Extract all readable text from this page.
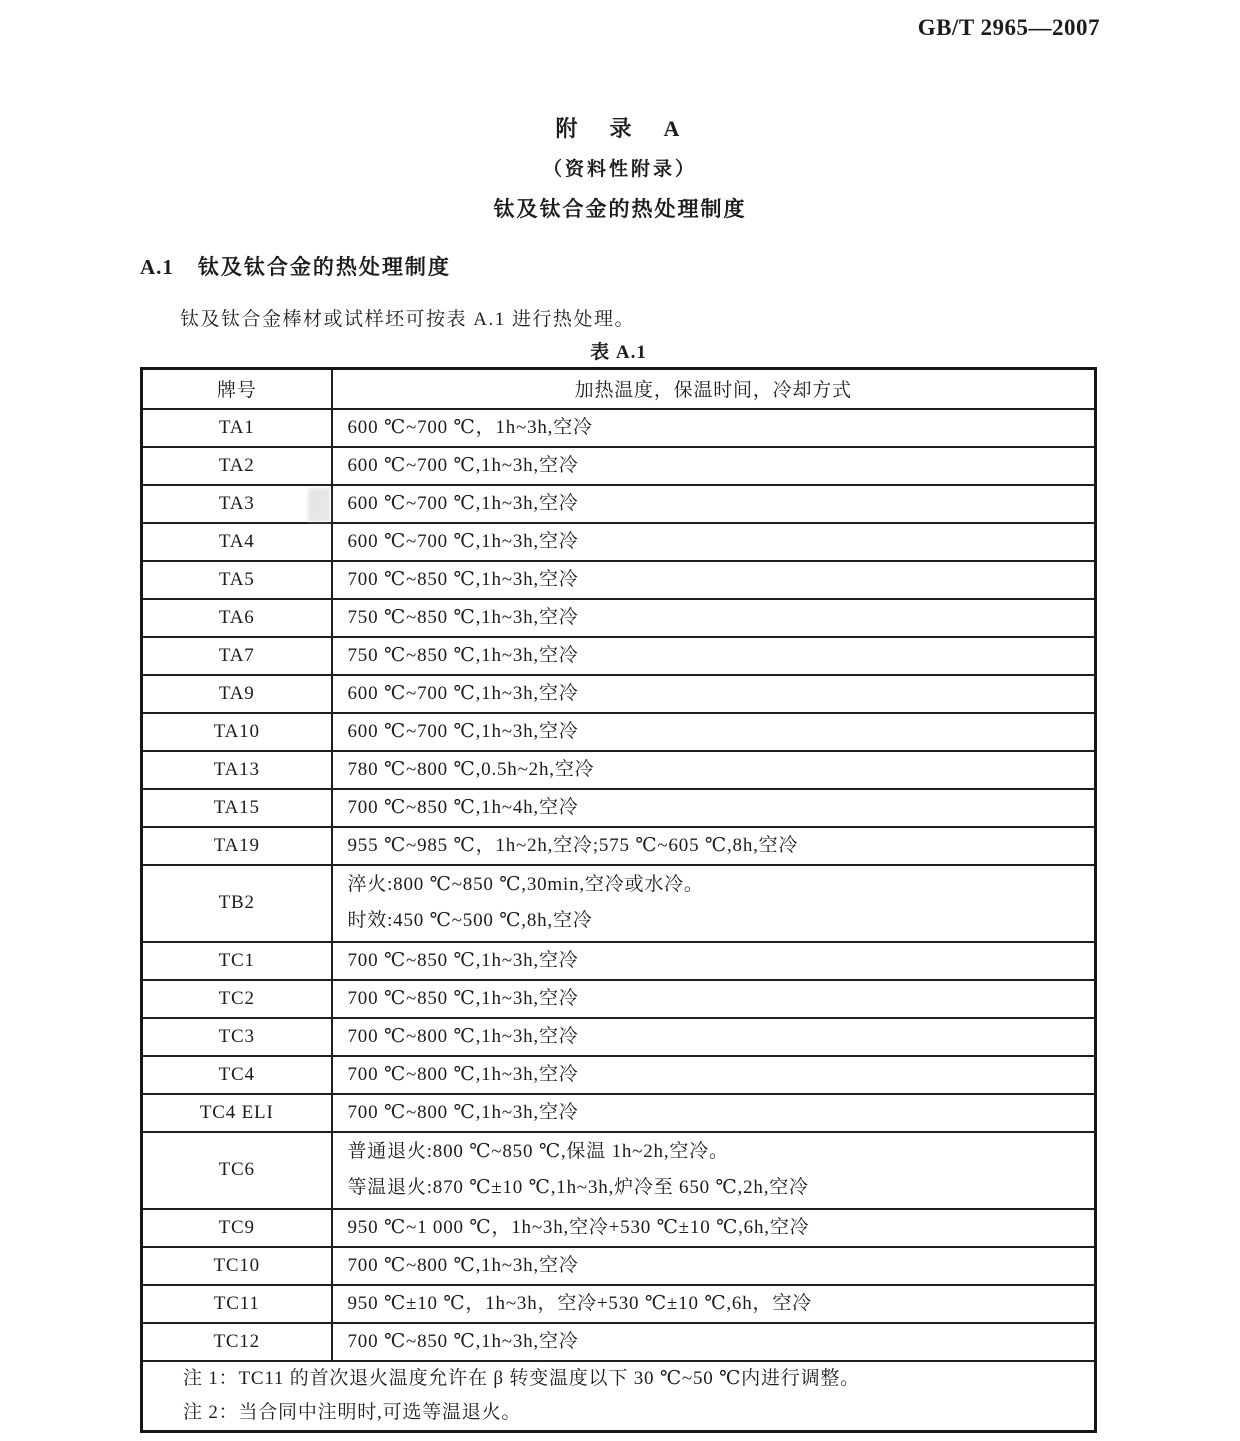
GB/T 2965—2007
附　录　A
（资料性附录）
钛及钛合金的热处理制度
A.1 钛及钛合金的热处理制度
钛及钛合金棒材或试样坯可按表 A.1 进行热处理。
表 A.1
牌号	加热温度，保温时间，冷却方式
TA1	600 ℃~700 ℃，1h~3h,空冷

TA2	600 ℃~700 ℃,1h~3h,空冷

TA3	600 ℃~700 ℃,1h~3h,空冷

TA4	600 ℃~700 ℃,1h~3h,空冷

TA5	700 ℃~850 ℃,1h~3h,空冷

TA6	750 ℃~850 ℃,1h~3h,空冷

TA7	750 ℃~850 ℃,1h~3h,空冷

TA9	600 ℃~700 ℃,1h~3h,空冷

TA10	600 ℃~700 ℃,1h~3h,空冷

TA13	780 ℃~800 ℃,0.5h~2h,空冷

TA15	700 ℃~850 ℃,1h~4h,空冷

TA19	955 ℃~985 ℃，1h~2h,空冷;575 ℃~605 ℃,8h,空冷

TB2	淬火:800 ℃~850 ℃,30min,空冷或水冷。
时效:450 ℃~500 ℃,8h,空冷

TC1	700 ℃~850 ℃,1h~3h,空冷

TC2	700 ℃~850 ℃,1h~3h,空冷

TC3	700 ℃~800 ℃,1h~3h,空冷

TC4	700 ℃~800 ℃,1h~3h,空冷

TC4 ELI	700 ℃~800 ℃,1h~3h,空冷

TC6	普通退火:800 ℃~850 ℃,保温 1h~2h,空冷。
等温退火:870 ℃±10 ℃,1h~3h,炉冷至 650 ℃,2h,空冷

TC9	950 ℃~1 000 ℃，1h~3h,空冷+530 ℃±10 ℃,6h,空冷

TC10	700 ℃~800 ℃,1h~3h,空冷

TC11	950 ℃±10 ℃，1h~3h，空冷+530 ℃±10 ℃,6h，空冷

TC12	700 ℃~850 ℃,1h~3h,空冷

注 1：TC11 的首次退火温度允许在 β 转变温度以下 30 ℃~50 ℃内进行调整。
注 2：当合同中注明时,可选等温退火。	
